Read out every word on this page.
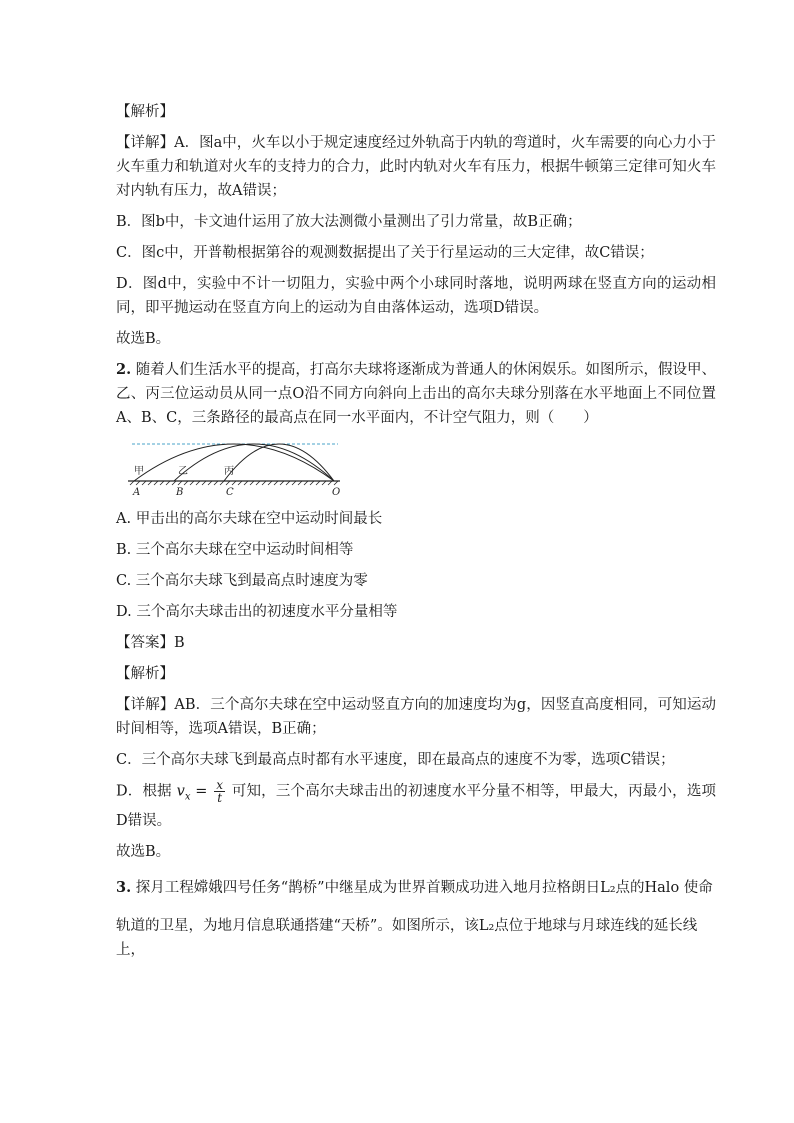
【解析】

【详解】A．图a中，火车以小于规定速度经过外轨高于内轨的弯道时，火车需要的向心力小于火车重力和轨道对火车的支持力的合力，此时内轨对火车有压力，根据牛顿第三定律可知火车对内轨有压力，故A错误；

B．图b中，卡文迪什运用了放大法测微小量测出了引力常量，故B正确；

C．图c中，开普勒根据第谷的观测数据提出了关于行星运动的三大定律，故C错误；

D．图d中，实验中不计一切阻力，实验中两个小球同时落地，说明两球在竖直方向的运动相同，即平抛运动在竖直方向上的运动为自由落体运动，选项D错误。

故选B。

2. 随着人们生活水平的提高，打高尔夫球将逐渐成为普通人的休闲娱乐。如图所示，假设甲、乙、丙三位运动员从同一点O沿不同方向斜向上击出的高尔夫球分别落在水平地面上不同位置A、B、C，三条路径的最高点在同一水平面内，不计空气阻力，则（　　）

甲	乙	丙
A	B	C	O

A. 甲击出的高尔夫球在空中运动时间最长

B. 三个高尔夫球在空中运动时间相等

C. 三个高尔夫球飞到最高点时速度为零

D. 三个高尔夫球击出的初速度水平分量相等

【答案】B

【解析】

【详解】AB．三个高尔夫球在空中运动竖直方向的加速度均为g，因竖直高度相同，可知运动时间相等，选项A错误，B正确；

C．三个高尔夫球飞到最高点时都有水平速度，即在最高点的速度不为零，选项C错误；

D．根据 $v_x = \frac{x}{t}$ 可知，三个高尔夫球击出的初速度水平分量不相等，甲最大，丙最小，选项D错误。

故选B。

3. 探月工程嫦娥四号任务“鹊桥”中继星成为世界首颗成功进入地月拉格朗日L₂点的Halo 使命
轨道的卫星，为地月信息联通搭建“天桥”。如图所示，该L₂点位于地球与月球连线的延长线上，
